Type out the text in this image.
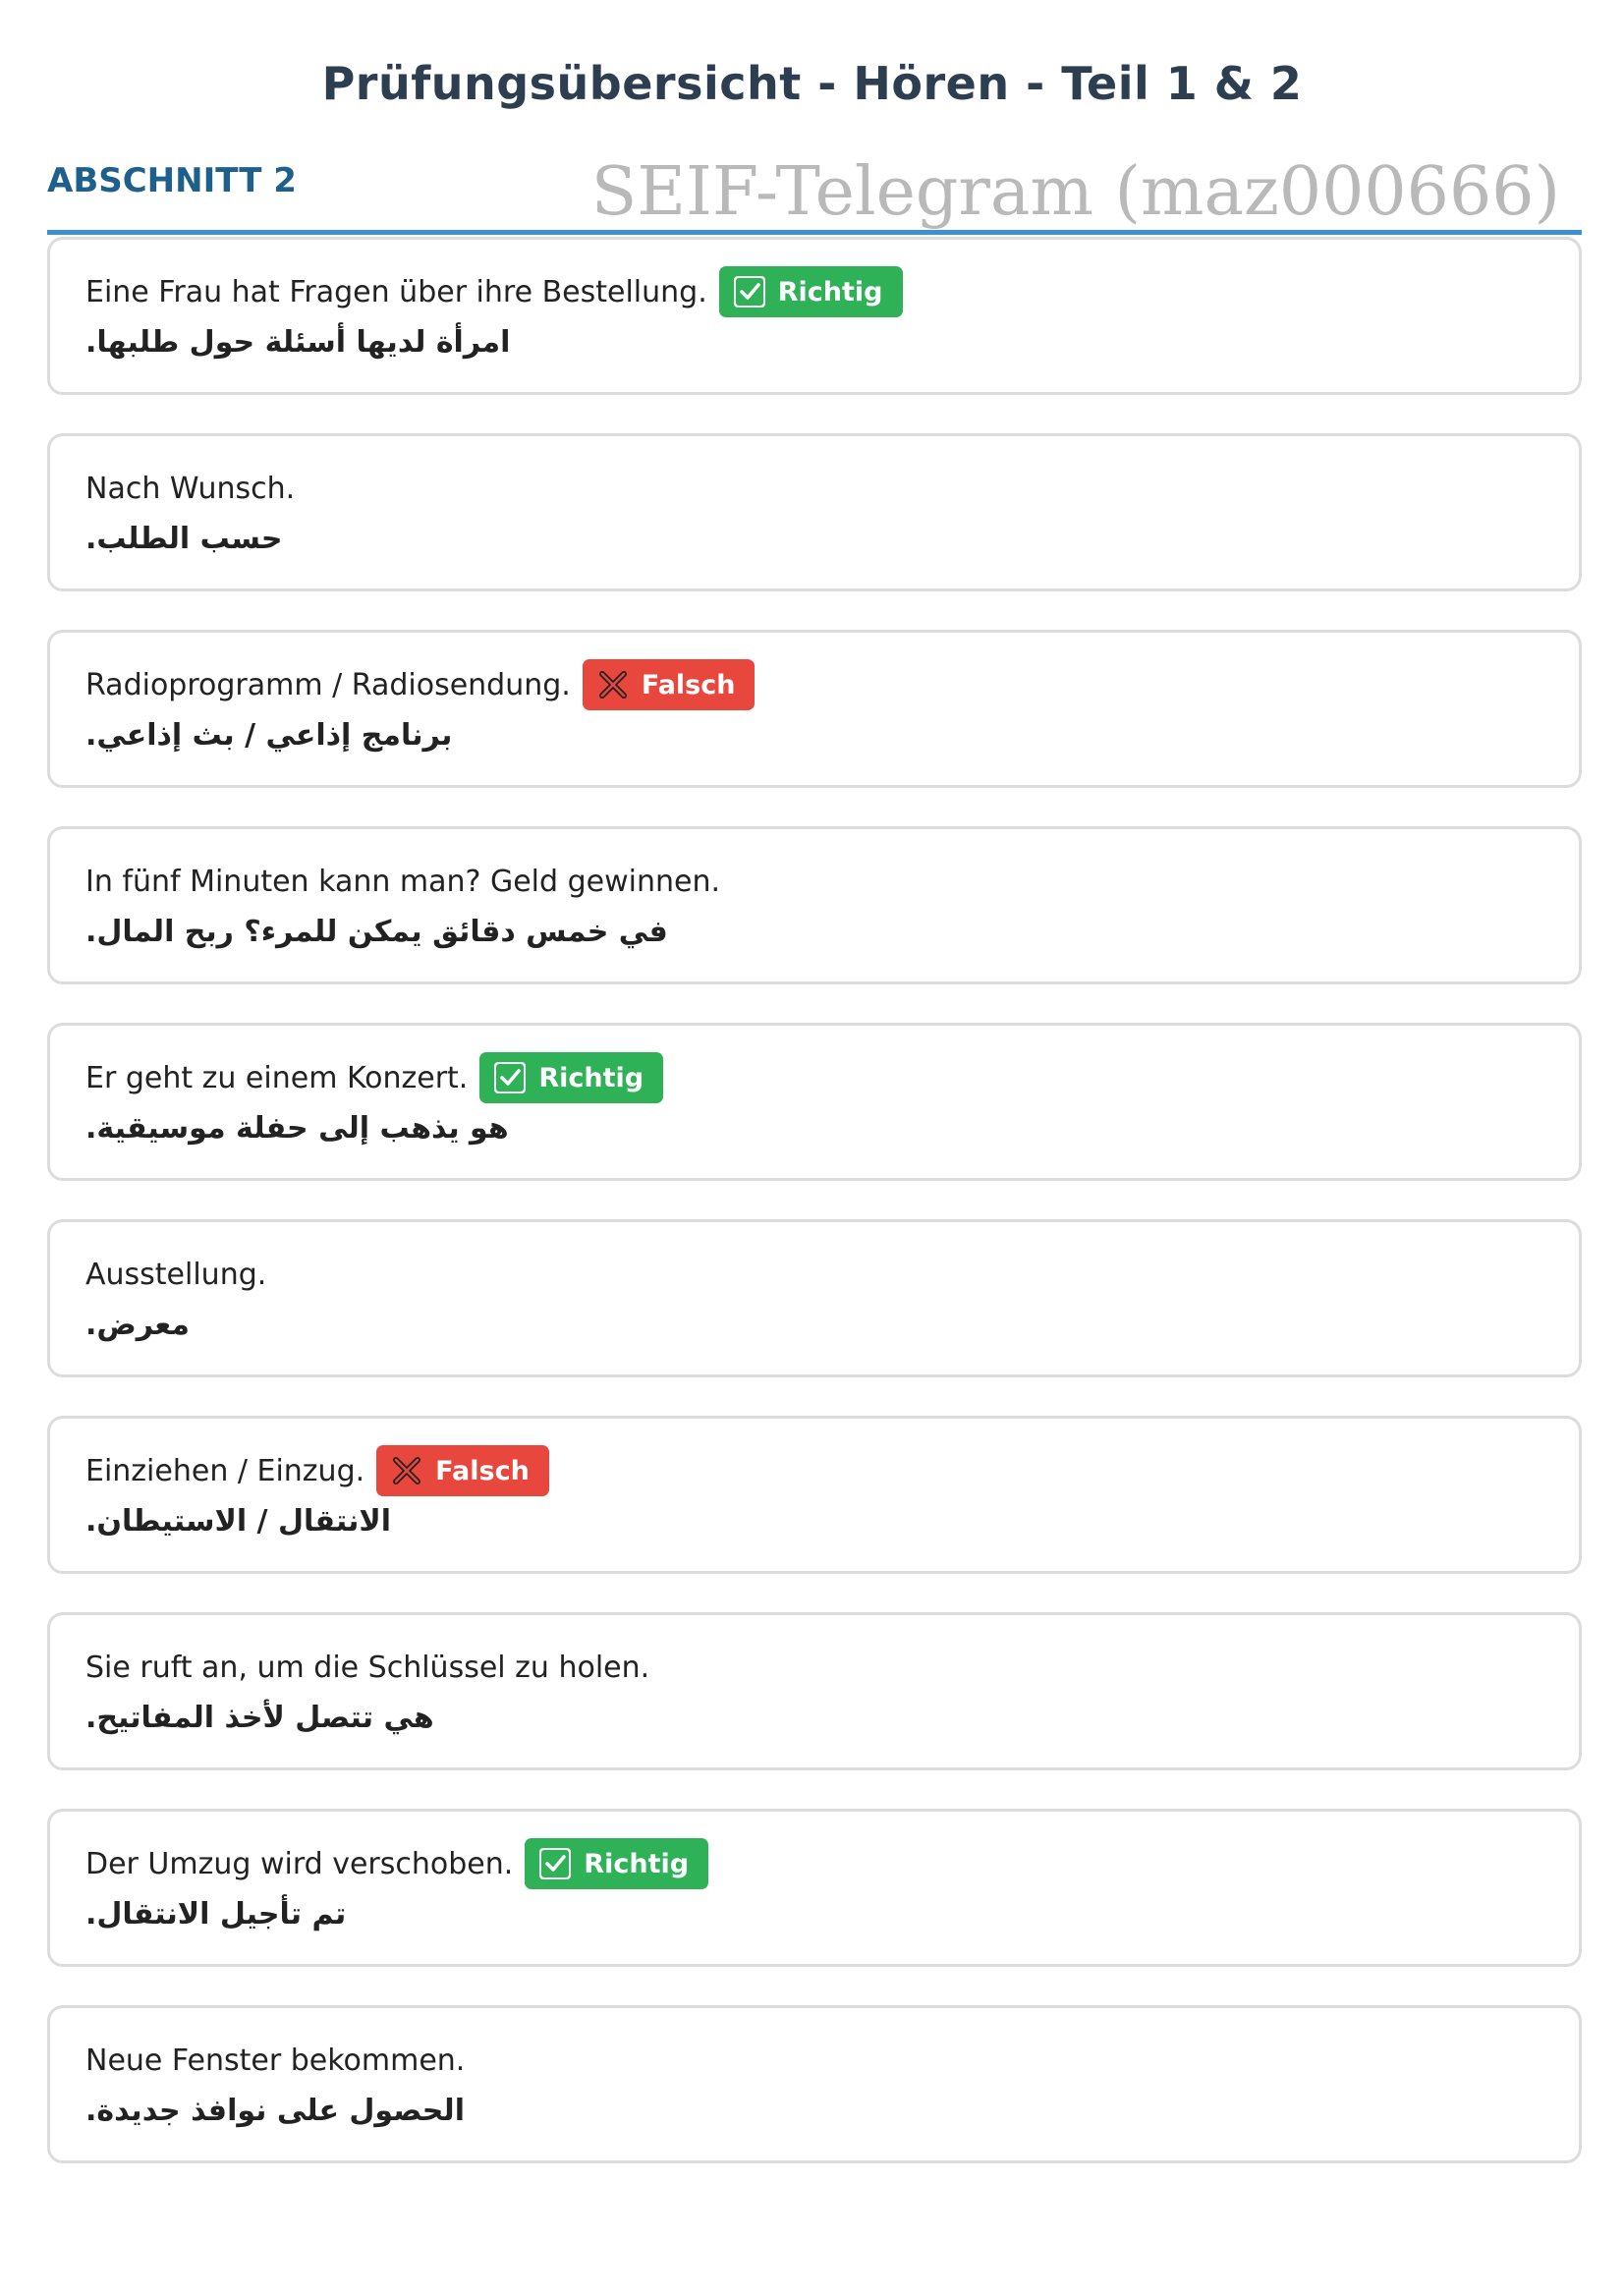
Prüfungsübersicht - Hören - Teil 1 & 2
ABSCHNITT 2	SEIF-Telegram (maz000666)
Eine Frau hat Fragen über ihre Bestellung.	Richtig
امرأة لديها أسئلة حول طلبها.
Nach Wunsch.
حسب الطلب.
Radioprogramm / Radiosendung.	Falsch
برنامج إذاعي / بث إذاعي.
In fünf Minuten kann man? Geld gewinnen.
في خمس دقائق يمكن للمرء؟ ربح المال.
Er geht zu einem Konzert.	Richtig
هو يذهب إلى حفلة موسيقية.
Ausstellung.
معرض.
Einziehen / Einzug.	Falsch
الانتقال / الاستيطان.
Sie ruft an, um die Schlüssel zu holen.
هي تتصل لأخذ المفاتيح.
Der Umzug wird verschoben.	Richtig
تم تأجيل الانتقال.
Neue Fenster bekommen.
الحصول على نوافذ جديدة.
